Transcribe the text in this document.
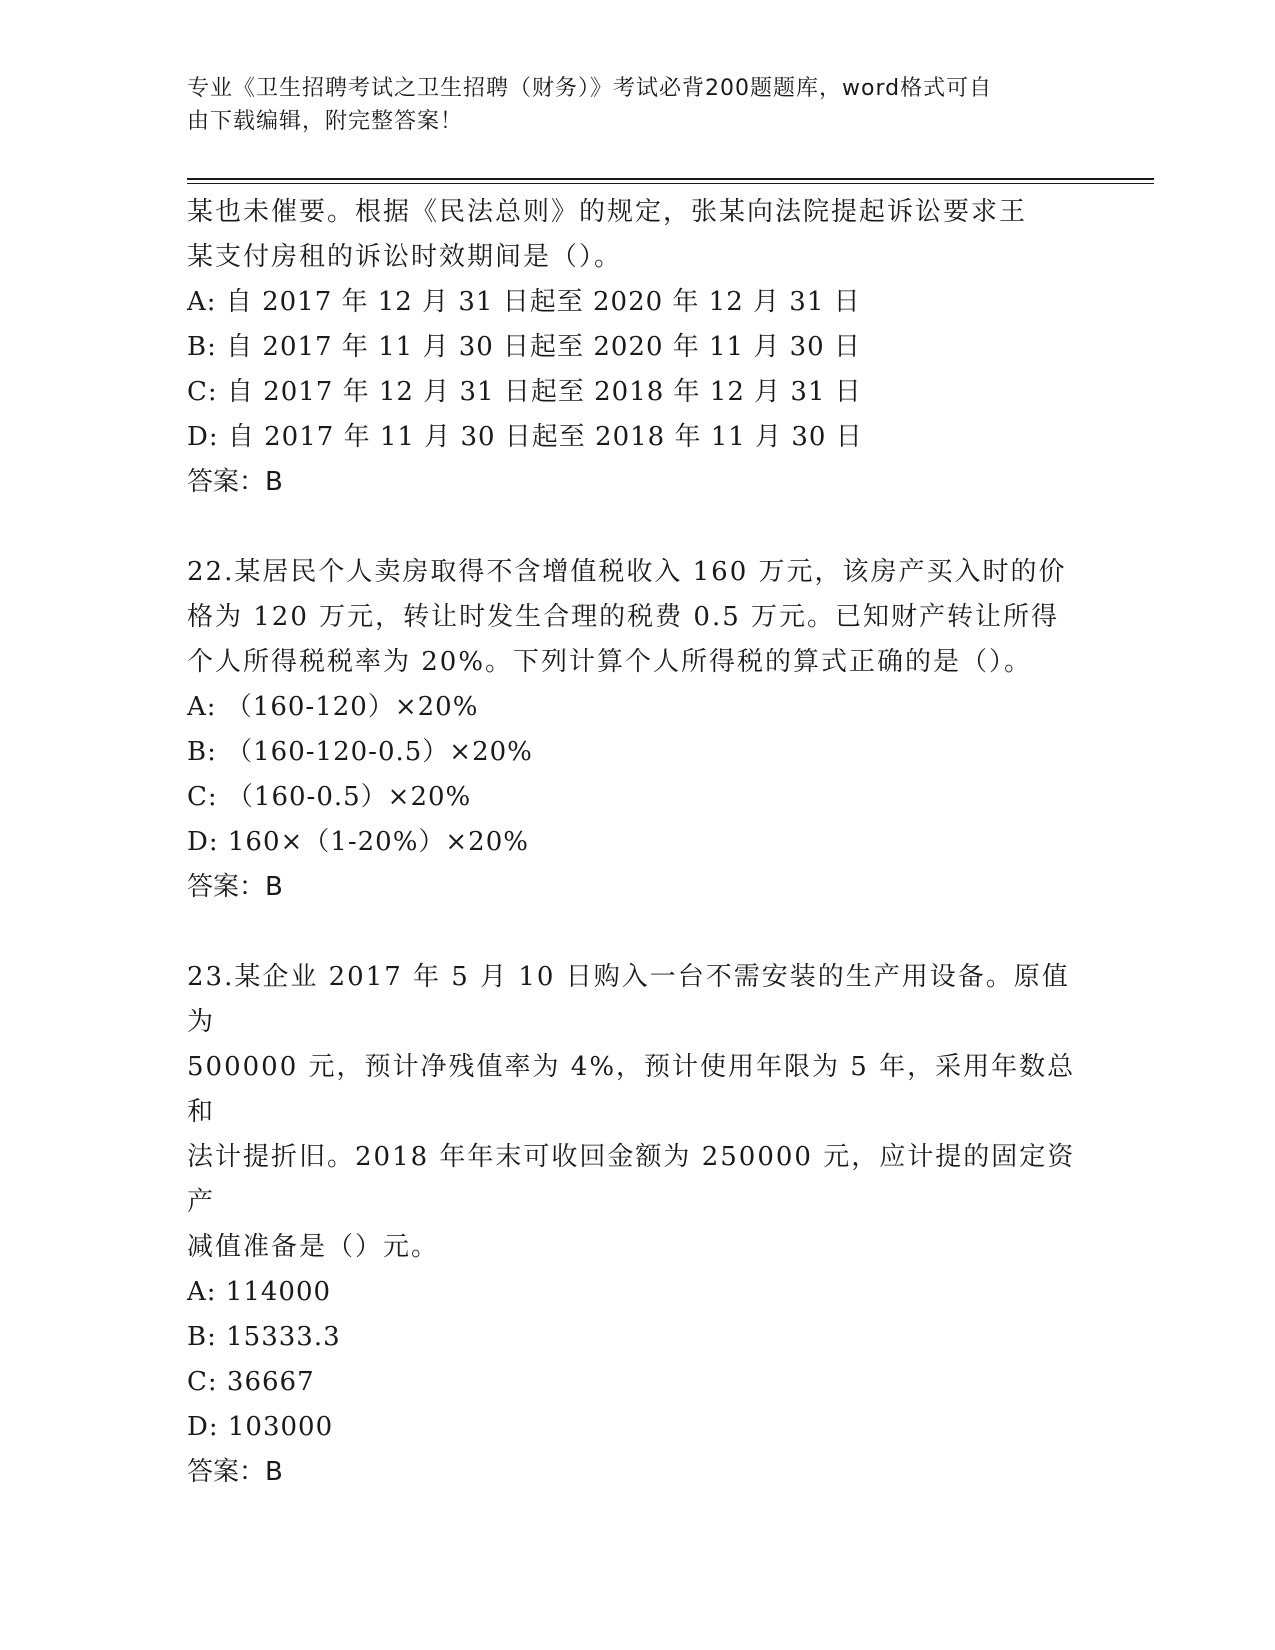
专业《卫生招聘考试之卫生招聘（财务）》考试必背200题题库，word格式可自
由下载编辑，附完整答案！

某也未催要。根据《民法总则》的规定，张某向法院提起诉讼要求王

某支付房租的诉讼时效期间是（）。

A: 自 2017 年 12 月 31 日起至 2020 年 12 月 31 日

B: 自 2017 年 11 月 30 日起至 2020 年 11 月 30 日

C: 自 2017 年 12 月 31 日起至 2018 年 12 月 31 日

D: 自 2017 年 11 月 30 日起至 2018 年 11 月 30 日

答案：B

22.某居民个人卖房取得不含增值税收入 160 万元，该房产买入时的价

格为 120 万元，转让时发生合理的税费 0.5 万元。已知财产转让所得

个人所得税税率为 20%。下列计算个人所得税的算式正确的是（）。

A: （160-120）×20%

B: （160-120-0.5）×20%

C: （160-0.5）×20%

D: 160×（1-20%）×20%

答案：B

23.某企业 2017 年 5 月 10 日购入一台不需安装的生产用设备。原值为

500000 元，预计净残值率为 4%，预计使用年限为 5 年，采用年数总和

法计提折旧。2018 年年末可收回金额为 250000 元，应计提的固定资产

减值准备是（）元。

A: 114000

B: 15333.3

C: 36667

D: 103000

答案：B
